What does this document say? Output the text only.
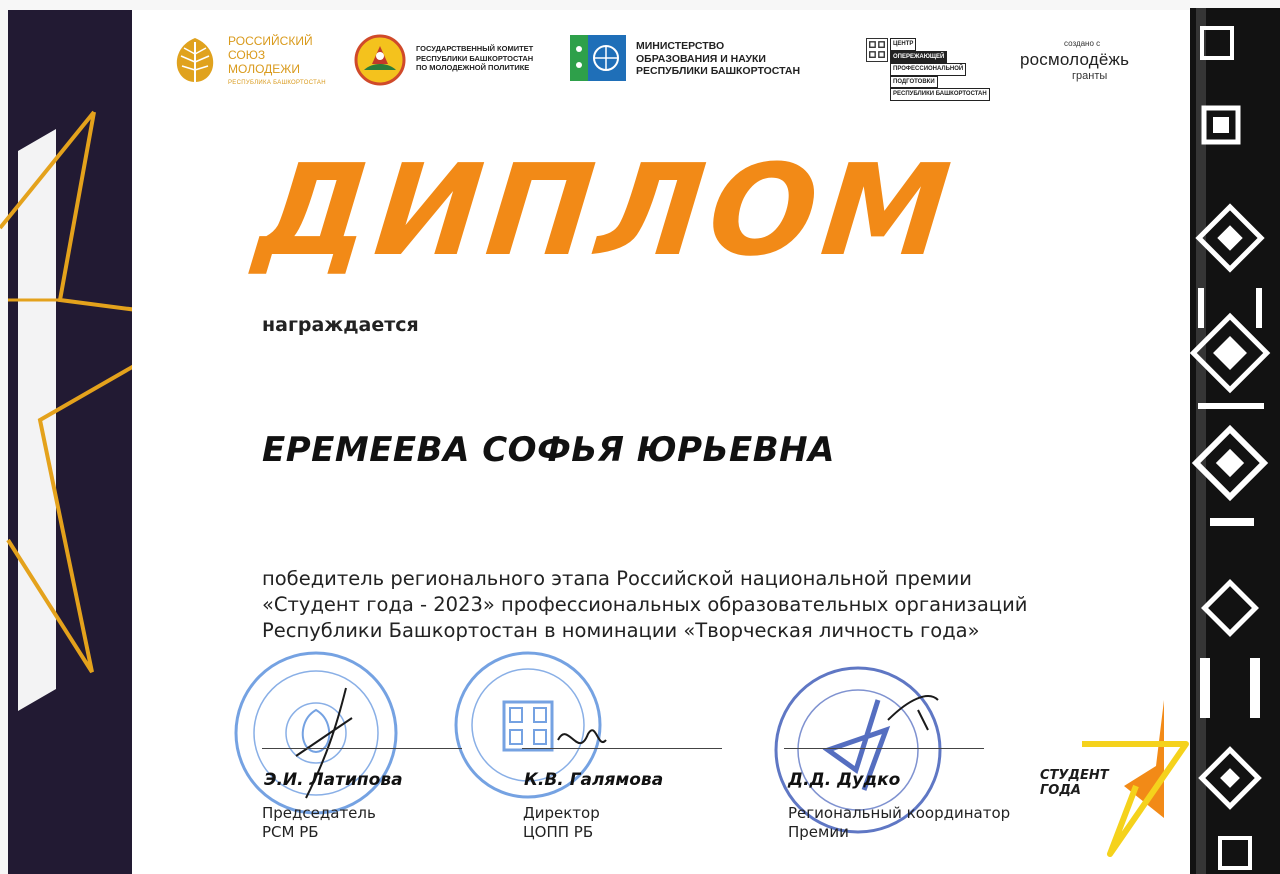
РОССИЙСКИЙ
СОЮЗ
МОЛОДЕЖИ
РЕСПУБЛИКА БАШКОРТОСТАН
ГОСУДАРСТВЕННЫЙ КОМИТЕТ
РЕСПУБЛИКИ БАШКОРТОСТАН
ПО МОЛОДЕЖНОЙ ПОЛИТИКЕ
МИНИСТЕРСТВО
ОБРАЗОВАНИЯ И НАУКИ
РЕСПУБЛИКИ БАШКОРТОСТАН
ЦЕНТР
ОПЕРЕЖАЮЩЕЙ
ПРОФЕССИОНАЛЬНОЙ
ПОДГОТОВКИ
РЕСПУБЛИКИ БАШКОРТОСТАН
создано с
росмолодёжь
гранты
ДИПЛОМ
награждается
ЕРЕМЕЕВА СОФЬЯ ЮРЬЕВНА
победитель регионального этапа Российской национальной премии
«Студент года - 2023» профессиональных образовательных организаций
Республики Башкортостан в номинации «Творческая личность года»
Э.И. Латипова
Председатель
РСМ РБ
К.В. Галямова
Директор
ЦОПП РБ
Д.Д. Дудко
Региональный координатор
Премии
СТУДЕНТ
ГОДА
